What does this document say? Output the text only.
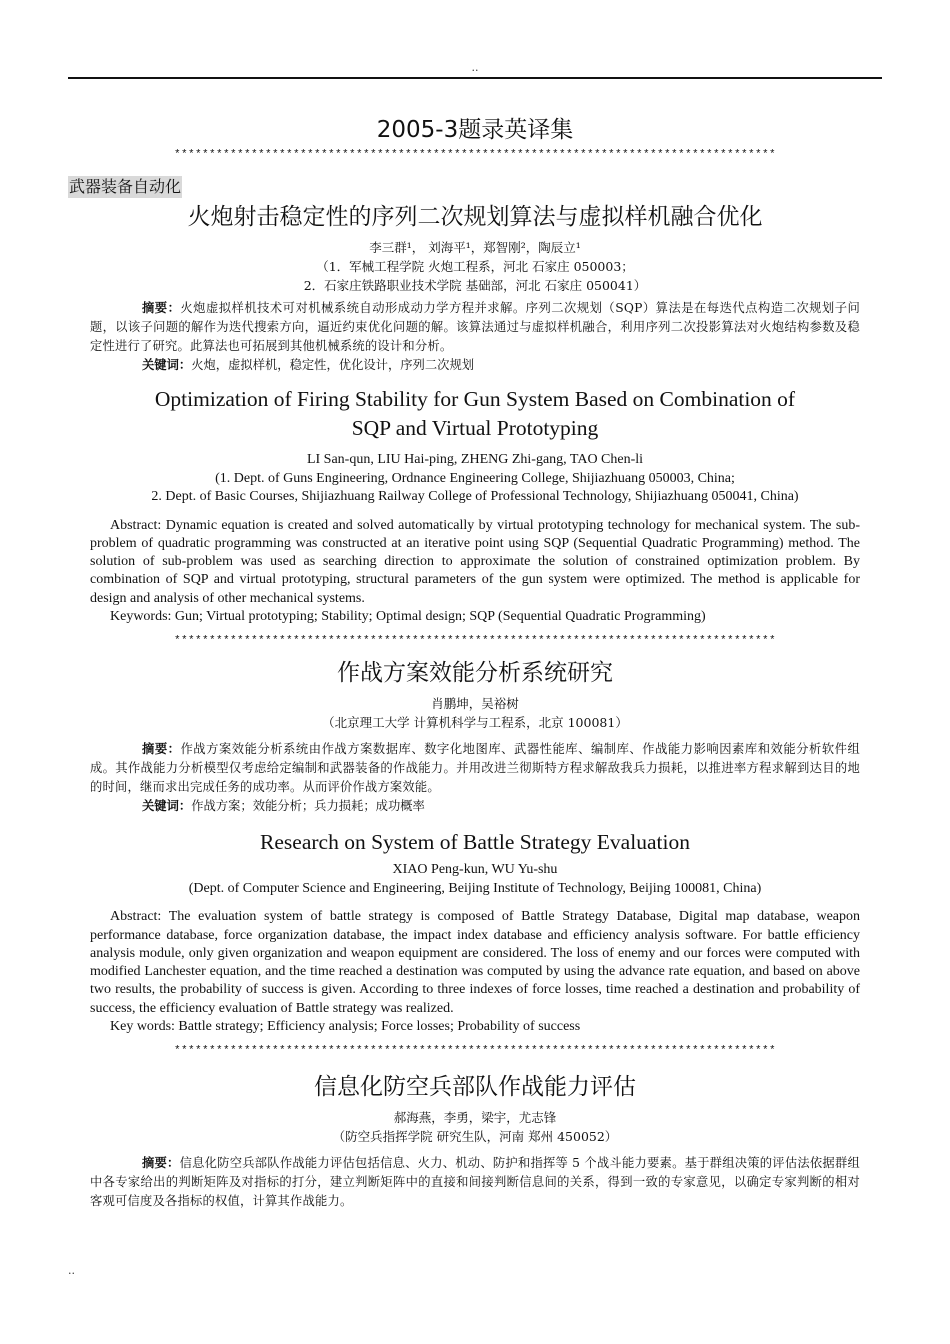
..
2005-3题录英译集
**************************************************************************************
武器装备自动化
火炮射击稳定性的序列二次规划算法与虚拟样机融合优化
李三群¹， 刘海平¹，郑智刚²，陶辰立¹
（1．军械工程学院 火炮工程系，河北 石家庄 050003；
2．石家庄铁路职业技术学院 基础部，河北 石家庄 050041）
摘要：火炮虚拟样机技术可对机械系统自动形成动力学方程并求解。序列二次规划（SQP）算法是在每迭代点构造二次规划子问题，以该子问题的解作为迭代搜索方向，逼近约束优化问题的解。该算法通过与虚拟样机融合，利用序列二次投影算法对火炮结构参数及稳定性进行了研究。此算法也可拓展到其他机械系统的设计和分析。
关键词：火炮，虚拟样机，稳定性，优化设计，序列二次规划
Optimization of Firing Stability for Gun System Based on Combination of
SQP and Virtual Prototyping
LI San-qun, LIU Hai-ping, ZHENG Zhi-gang, TAO Chen-li
(1. Dept. of Guns Engineering, Ordnance Engineering College, Shijiazhuang 050003, China;
2. Dept. of Basic Courses, Shijiazhuang Railway College of Professional Technology, Shijiazhuang 050041, China)
Abstract: Dynamic equation is created and solved automatically by virtual prototyping technology for mechanical system. The sub-problem of quadratic programming was constructed at an iterative point using SQP (Sequential Quadratic Programming) method. The solution of sub-problem was used as searching direction to approximate the solution of constrained optimization problem. By combination of SQP and virtual prototyping, structural parameters of the gun system were optimized. The method is applicable for design and analysis of other mechanical systems.
Keywords: Gun; Virtual prototyping; Stability; Optimal design; SQP (Sequential Quadratic Programming)
**************************************************************************************
作战方案效能分析系统研究
肖鹏坤，吴裕树
（北京理工大学 计算机科学与工程系，北京 100081）
摘要：作战方案效能分析系统由作战方案数据库、数字化地图库、武器性能库、编制库、作战能力影响因素库和效能分析软件组成。其作战能力分析模型仅考虑给定编制和武器装备的作战能力。并用改进兰彻斯特方程求解敌我兵力损耗，以推进率方程求解到达目的地的时间，继而求出完成任务的成功率。从而评价作战方案效能。
关键词：作战方案；效能分析；兵力损耗；成功概率
Research on System of Battle Strategy Evaluation
XIAO Peng-kun, WU Yu-shu
(Dept. of Computer Science and Engineering, Beijing Institute of Technology, Beijing 100081, China)
Abstract: The evaluation system of battle strategy is composed of Battle Strategy Database, Digital map database, weapon performance database, force organization database, the impact index database and efficiency analysis software. For battle efficiency analysis module, only given organization and weapon equipment are considered. The loss of enemy and our forces were computed with modified Lanchester equation, and the time reached a destination was computed by using the advance rate equation, and based on above two results, the probability of success is given. According to three indexes of force losses, time reached a destination and probability of success, the efficiency evaluation of Battle strategy was realized.
Key words: Battle strategy; Efficiency analysis; Force losses; Probability of success
**************************************************************************************
信息化防空兵部队作战能力评估
郝海燕，李勇，梁宇，尤志锋
（防空兵指挥学院 研究生队，河南 郑州 450052）
摘要：信息化防空兵部队作战能力评估包括信息、火力、机动、防护和指挥等 5 个战斗能力要素。基于群组决策的评估法依据群组中各专家给出的判断矩阵及对指标的打分，建立判断矩阵中的直接和间接判断信息间的关系，得到一致的专家意见，以确定专家判断的相对客观可信度及各指标的权值，计算其作战能力。
..
